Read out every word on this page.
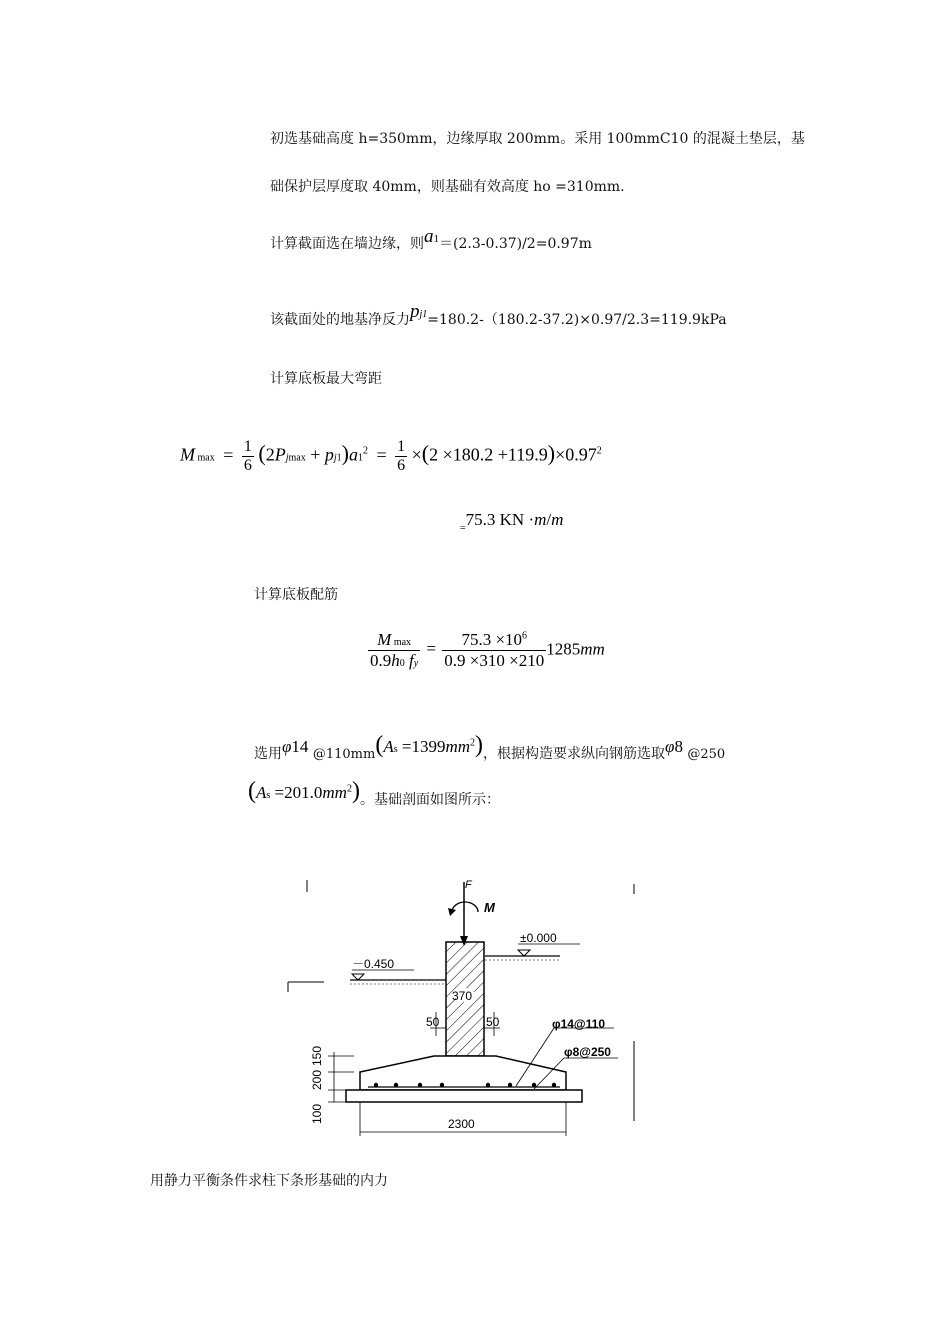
初选基础高度 h=350mm，边缘厚取 200mm。采用 100mmC10 的混凝土垫层，基
础保护层厚度取 40mm，则基础有效高度 ho =310mm.
计算截面选在墙边缘，则a1＝(2.3-0.37)/2=0.97m
该截面处的地基净反力pj1=180.2-（180.2-37.2)×0.97/2.3=119.9kPa
计算底板最大弯距
M $\max = \frac{1}{6} (2Pjmax + pj1)a1^2 = \frac{1}{6} \times(2 \times 180.2 +119.9)\times 0.97^2$
$_=$75.3 KN ·m/m
计算底板配筋
$\frac{\text{M max}}{0.9h0 fy} = \frac{75.3 \times 10^6}{0.9 \times 310 \times 210} 1285mm$
选用φ14 @110mm(As $=1399mm^2$)，根据构造要求纵向钢筋选取φ8 @250
$(As =201.0mm^2)$。基础剖面如图所示：
F
M
±0.000
－0.450
370
50	50	φ14@110
φ8@250
150
200
100	2300
用静力平衡条件求柱下条形基础的内力
